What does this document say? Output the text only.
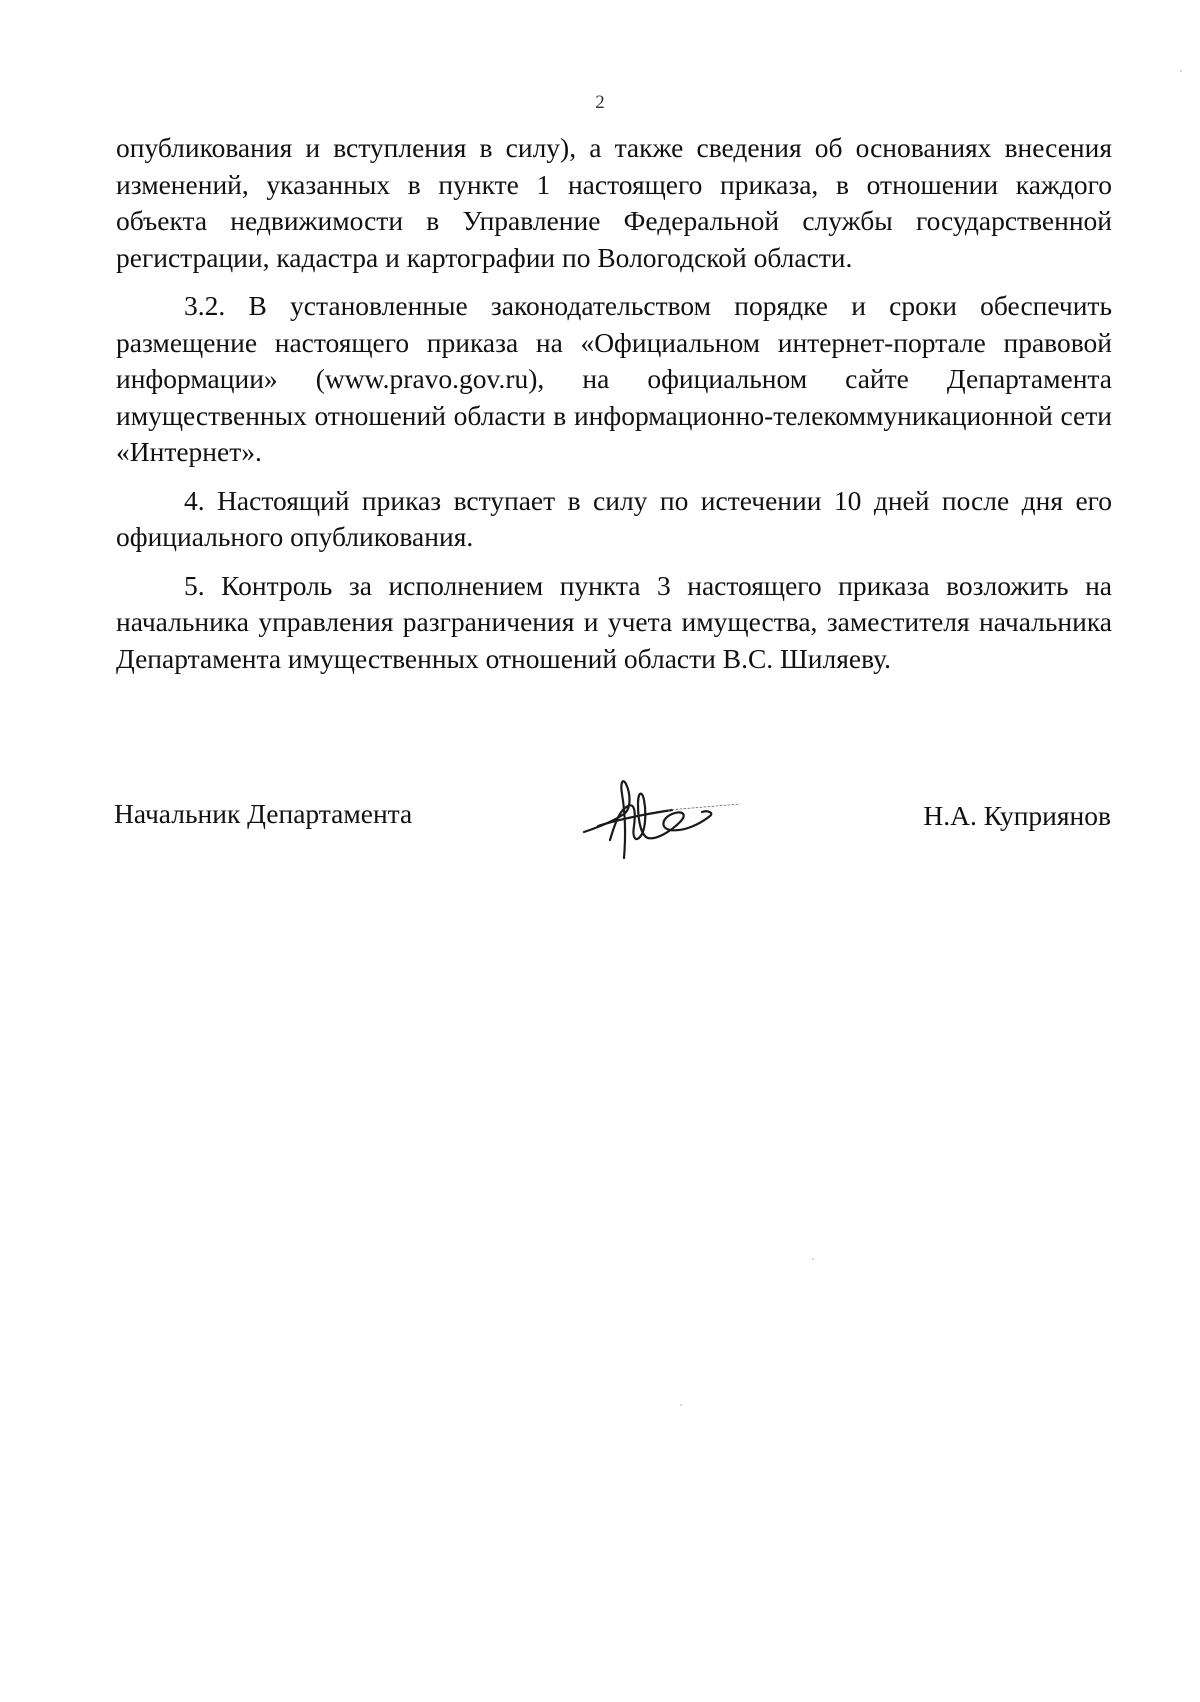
2

опубликования и вступления в силу), а также сведения об основаниях внесения изменений, указанных в пункте 1 настоящего приказа, в отношении каждого объекта недвижимости в Управление Федеральной службы государственной регистрации, кадастра и картографии по Вологодской области.

3.2. В установленные законодательством порядке и сроки обеспечить размещение настоящего приказа на «Официальном интернет-портале правовой информации» (www.pravo.gov.ru), на официальном сайте Департамента имущественных отношений области в информационно-телекоммуникационной сети «Интернет».

4. Настоящий приказ вступает в силу по истечении 10 дней после дня его официального опубликования.

5. Контроль за исполнением пункта 3 настоящего приказа возложить на начальника управления разграничения и учета имущества, заместителя начальника Департамента имущественных отношений области В.С. Шиляеву.

Начальник Департамента	Н.А. Куприянов
